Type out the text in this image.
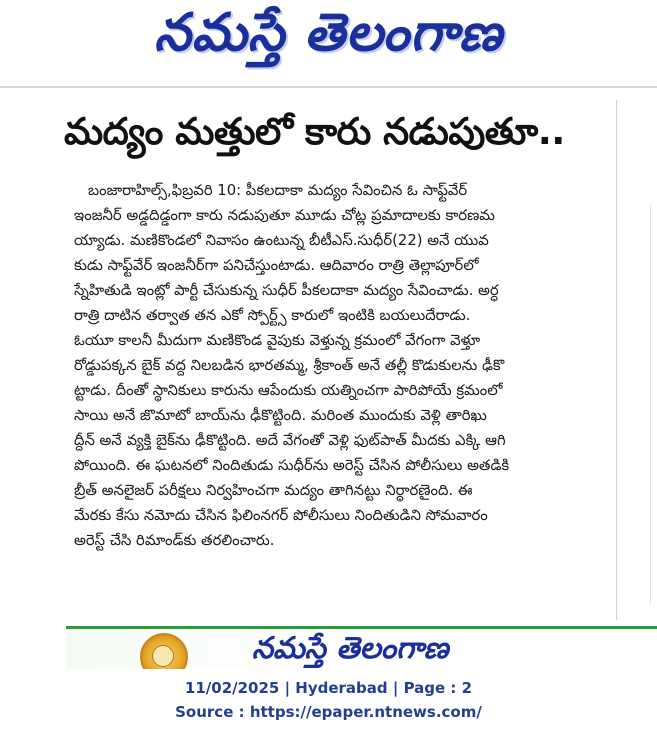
నమస్తే తెలంగాణ
మద్యం మత్తులో కారు నడుపుతూ..
బంజారాహిల్స్,ఫిబ్రవరి 10: పీకలదాకా మద్యం సేవించిన ఓ సాఫ్ట్‌వేర్
ఇంజనీర్ అడ్డదిడ్డంగా కారు నడుపుతూ మూడు చోట్ల ప్రమాదాలకు కారణమ
య్యాడు. మణికొండలో నివాసం ఉంటున్న బీటీఎస్.సుధీర్(22) అనే యువ
కుడు సాఫ్ట్‌వేర్ ఇంజనీర్‌గా పనిచేస్తుంటాడు. ఆదివారం రాత్రి తెల్లాపూర్‌లో
స్నేహితుడి ఇంట్లో పార్టీ చేసుకున్న సుధీర్ పీకలదాకా మద్యం సేవించాడు. అర్ధ
రాత్రి దాటిన తర్వాత తన ఎకో స్పోర్ట్స్ కారులో ఇంటికి బయలుదేరాడు.
ఓయూ కాలనీ మీదుగా మణికొండ వైపుకు వెళ్తున్న క్రమంలో వేగంగా వెళ్తూ
రోడ్డుపక్కన బైక్ వద్ద నిలబడిన భారతమ్మ, శ్రీకాంత్ అనే తల్లీ కొడుకులను ఢీకొ
ట్టాడు. దీంతో స్థానికులు కారును ఆపేందుకు యత్నించగా పారిపోయే క్రమంలో
సాయి అనే జొమాటో బాయ్‌ను ఢీకొట్టింది. మరింత ముందుకు వెళ్లి తారిఖు
ద్దీన్ అనే వ్యక్తి బైక్‌ను ఢీకొట్టింది. అదే వేగంతో వెళ్లి ఫుట్‌పాత్ మీదకు ఎక్కి ఆగి
పోయింది. ఈ ఘటనలో నిందితుడు సుధీర్‌ను అరెస్ట్ చేసిన పోలీసులు అతడికి
బ్రీత్ అనలైజర్ పరీక్షలు నిర్వహించగా మద్యం తాగినట్టు నిర్ధారణైంది. ఈ
మేరకు కేసు నమోదు చేసిన ఫిలింనగర్ పోలీసులు నిందితుడిని సోమవారం
అరెస్ట్ చేసి రిమాండ్‌కు తరలించారు.
నమస్తే తెలంగాణ
11/02/2025 | Hyderabad | Page : 2
Source : https://epaper.ntnews.com/
